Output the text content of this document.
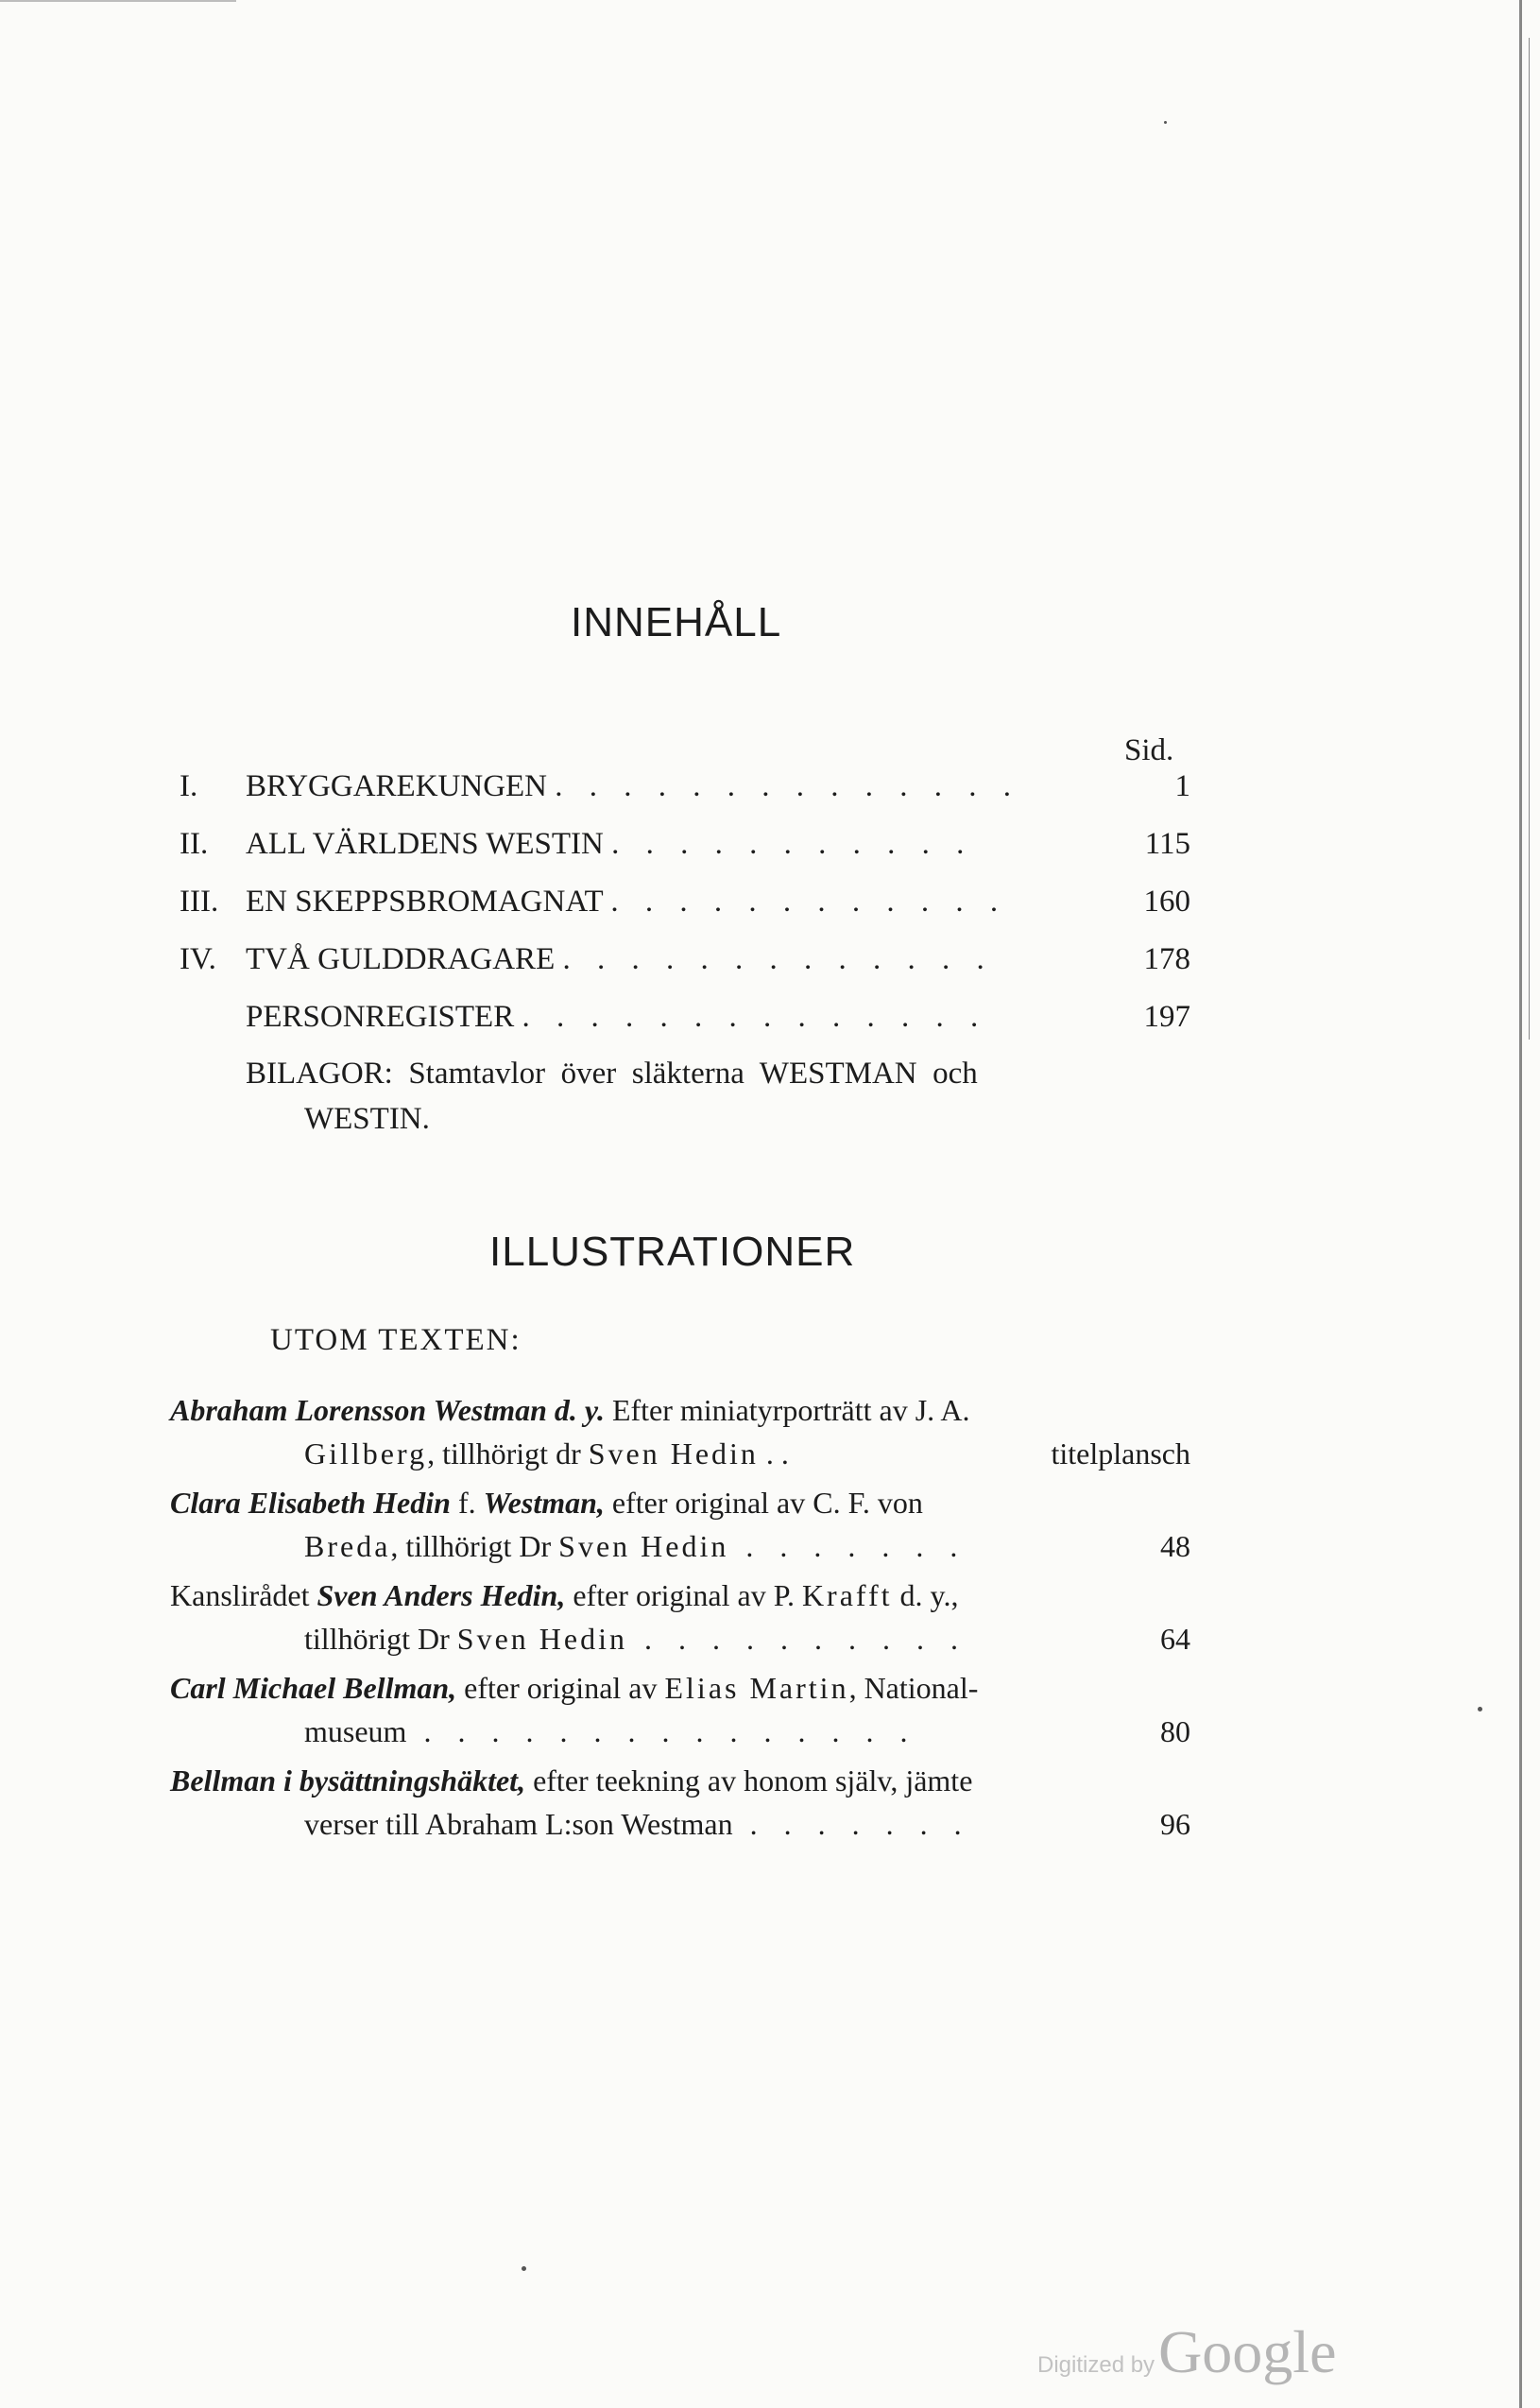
INNEHÅLL
Sid.
I. BRYGGAREKUNGEN . . . . . . . . . . . . . .	1
II. ALL VÄRLDENS WESTIN . . . . . . . . . . .	115
III. EN SKEPPSBROMAGNAT . . . . . . . . . . . .	160
IV. TVÅ GULDDRAGARE . . . . . . . . . . . . .	178
PERSONREGISTER . . . . . . . . . . . . . .	197
BILAGOR:  Stamtavlor  över  släkterna  WESTMAN  och
WESTIN.
ILLUSTRATIONER
UTOM TEXTEN:
Abraham Lorensson Westman d. y. Efter miniatyrporträtt av J. A.
Gillberg, tillhörigt dr Sven Hedin . .	titelplansch
Clara Elisabeth Hedin f. Westman, efter original av C. F. von
Breda, tillhörigt Dr Sven Hedin . . . . . . .	48
Kanslirådet Sven Anders Hedin, efter original av P. Krafft d. y.,
tillhörigt Dr Sven Hedin . . . . . . . . . .	64
Carl Michael Bellman, efter original av Elias Martin, National-
museum . . . . . . . . . . . . . . .	80
Bellman i bysättningshäktet, efter teekning av honom själv, jämte
verser till Abraham L:son Westman . . . . . . .	96
Digitized by Google
